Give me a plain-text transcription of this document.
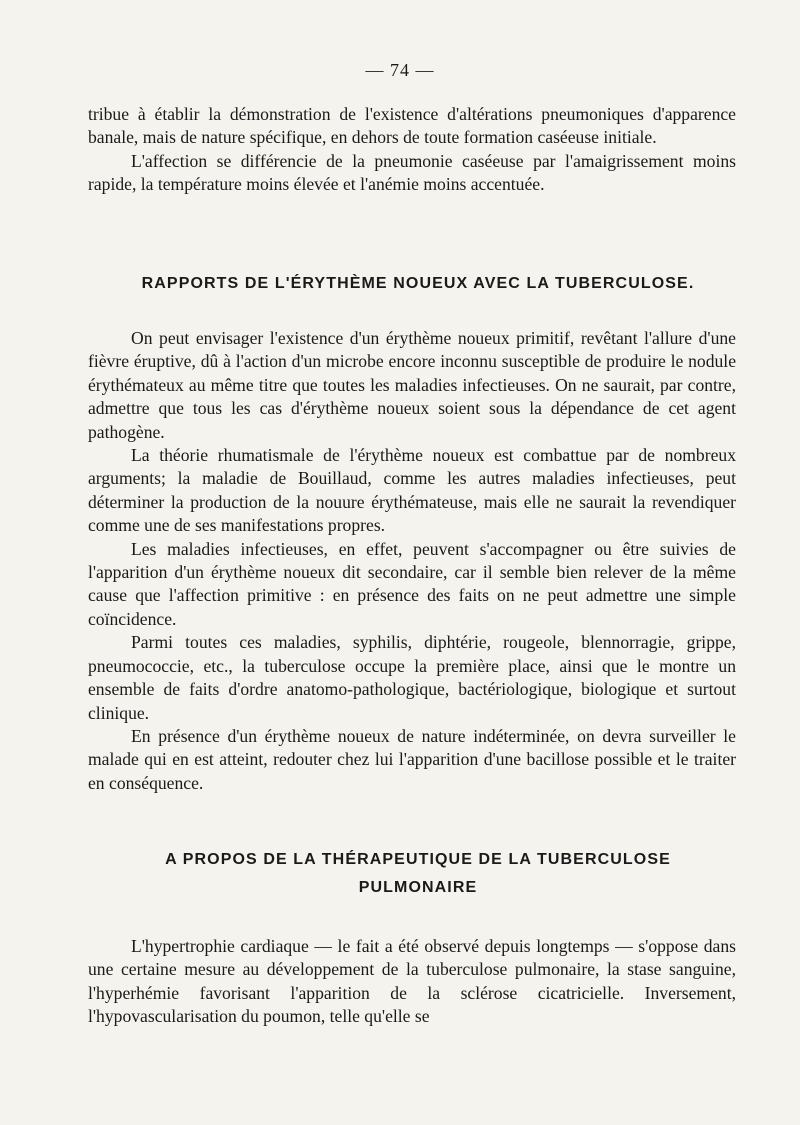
— 74 —

tribue à établir la démonstration de l'existence d'altérations pneumoniques d'apparence banale, mais de nature spécifique, en dehors de toute formation caséeuse initiale.

L'affection se différencie de la pneumonie caséeuse par l'amaigrissement moins rapide, la température moins élevée et l'anémie moins accentuée.

RAPPORTS DE L'ÉRYTHÈME NOUEUX AVEC LA TUBERCULOSE.

On peut envisager l'existence d'un érythème noueux primitif, revêtant l'allure d'une fièvre éruptive, dû à l'action d'un microbe encore inconnu susceptible de produire le nodule érythémateux au même titre que toutes les maladies infectieuses. On ne saurait, par contre, admettre que tous les cas d'érythème noueux soient sous la dépendance de cet agent pathogène.

La théorie rhumatismale de l'érythème noueux est combattue par de nombreux arguments; la maladie de Bouillaud, comme les autres maladies infectieuses, peut déterminer la production de la nouure érythémateuse, mais elle ne saurait la revendiquer comme une de ses manifestations propres.

Les maladies infectieuses, en effet, peuvent s'accompagner ou être suivies de l'apparition d'un érythème noueux dit secondaire, car il semble bien relever de la même cause que l'affection primitive : en présence des faits on ne peut admettre une simple coïncidence.

Parmi toutes ces maladies, syphilis, diphtérie, rougeole, blennorragie, grippe, pneumococcie, etc., la tuberculose occupe la première place, ainsi que le montre un ensemble de faits d'ordre anatomo-pathologique, bactériologique, biologique et surtout clinique.

En présence d'un érythème noueux de nature indéterminée, on devra surveiller le malade qui en est atteint, redouter chez lui l'apparition d'une bacillose possible et le traiter en conséquence.

A PROPOS DE LA THÉRAPEUTIQUE DE LA TUBERCULOSE
PULMONAIRE

L'hypertrophie cardiaque — le fait a été observé depuis longtemps — s'oppose dans une certaine mesure au développement de la tuberculose pulmonaire, la stase sanguine, l'hyperhémie favorisant l'apparition de la sclérose cicatricielle. Inversement, l'hypovascularisation du poumon, telle qu'elle se
